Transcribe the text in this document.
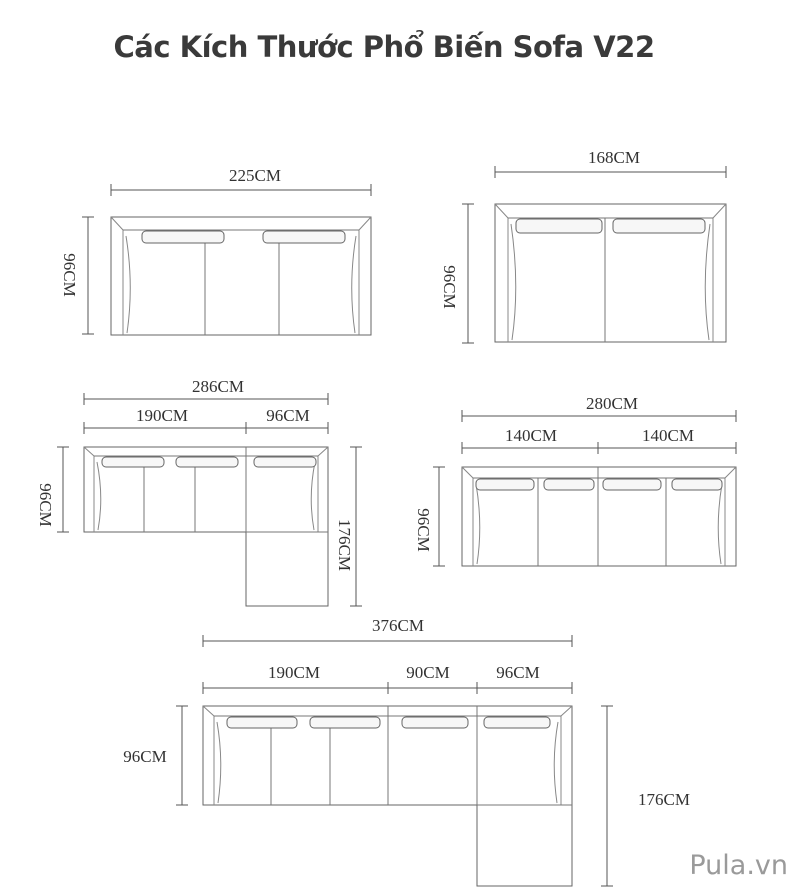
Các Kích Thước Phổ Biến Sofa V22
225CM
96CM
168CM
96CM
286CM
190CM	96CM
96CM
176CM
280CM
140CM	140CM
96CM
376CM
190CM	90CM	96CM
96CM
176CM
Pula.vn
